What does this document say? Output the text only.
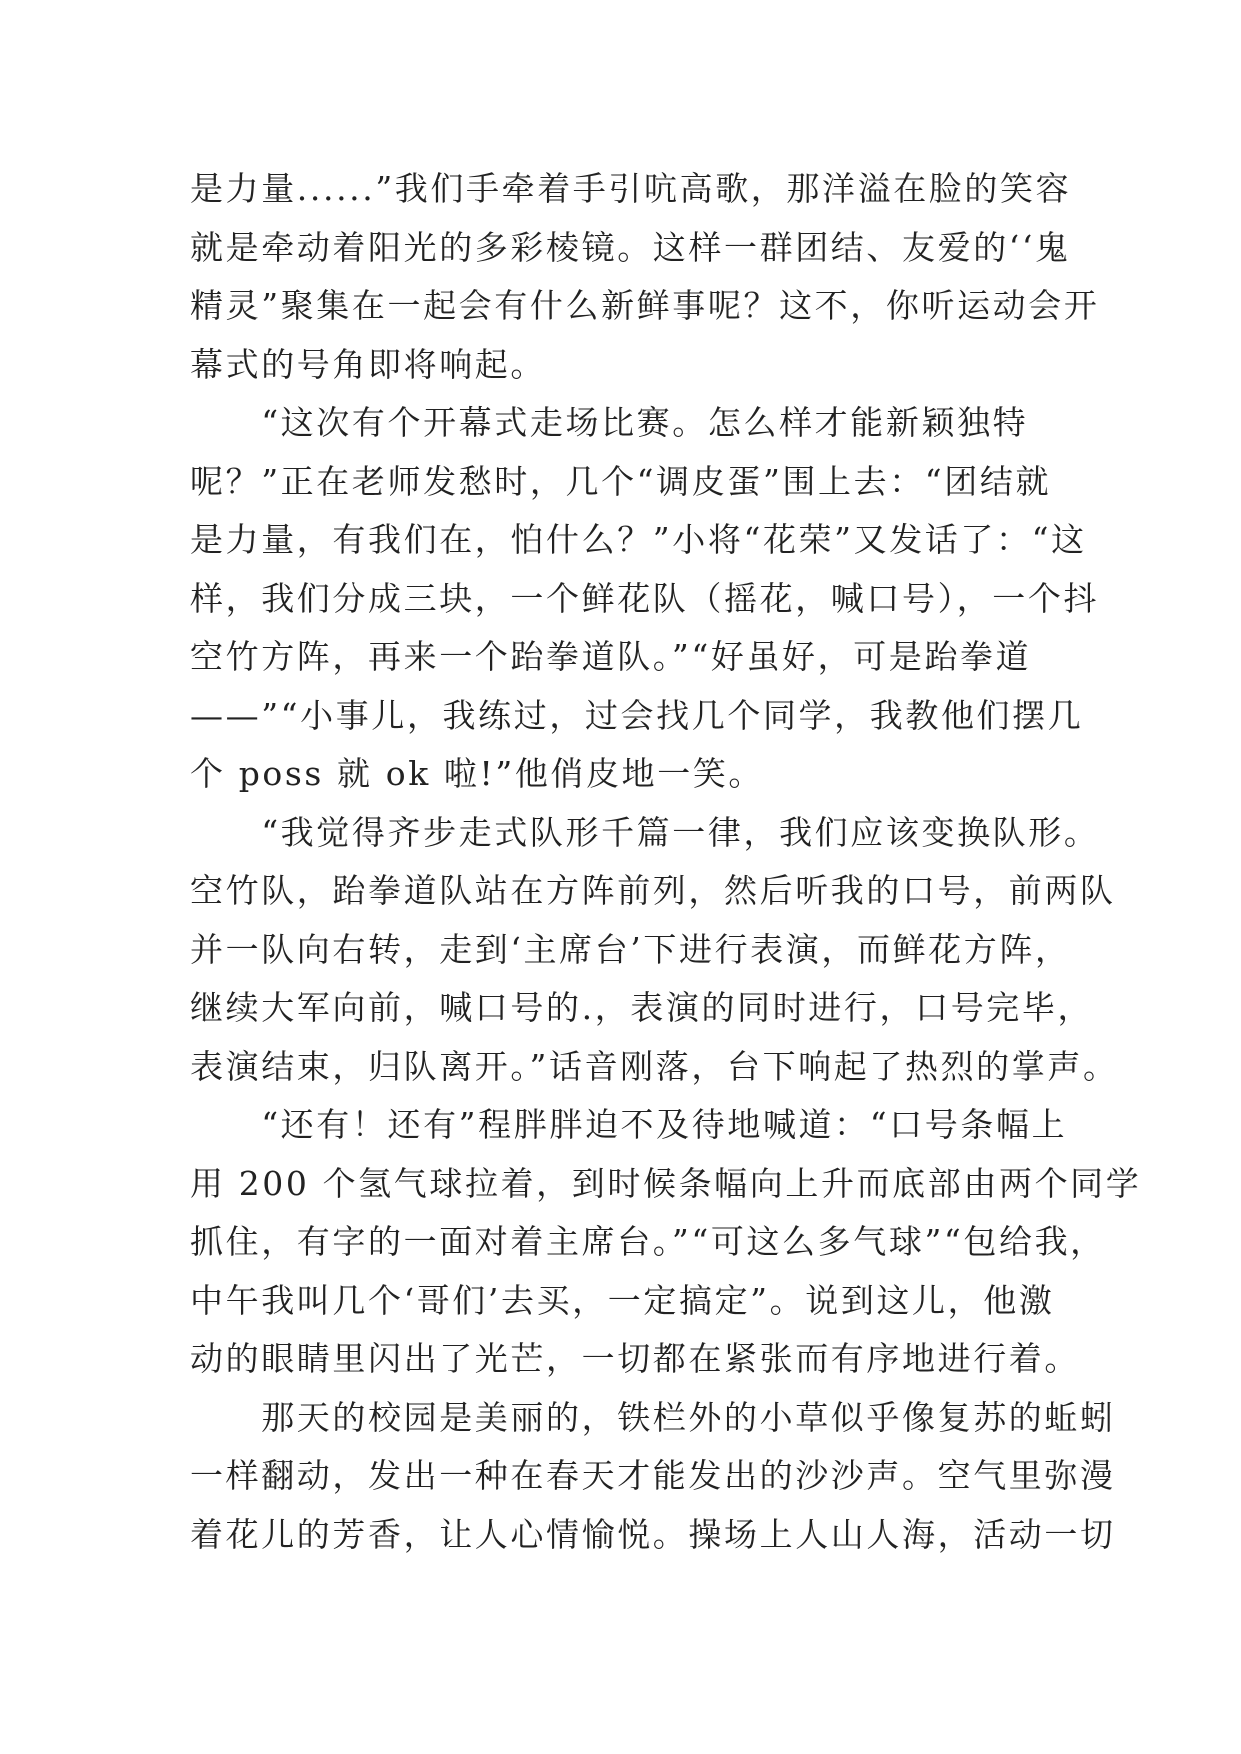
是力量......”我们手牵着手引吭高歌，那洋溢在脸的笑容
就是牵动着阳光的多彩棱镜。这样一群团结、友爱的‘‘鬼
精灵”聚集在一起会有什么新鲜事呢？这不，你听运动会开
幕式的号角即将响起。
　　“这次有个开幕式走场比赛。怎么样才能新颖独特
呢？”正在老师发愁时，几个“调皮蛋”围上去：“团结就
是力量，有我们在，怕什么？”小将“花荣”又发话了：“这
样，我们分成三块，一个鲜花队（摇花，喊口号），一个抖
空竹方阵，再来一个跆拳道队。”“好虽好，可是跆拳道
——”“小事儿，我练过，过会找几个同学，我教他们摆几
个 poss 就 ok 啦!”他俏皮地一笑。
　　“我觉得齐步走式队形千篇一律，我们应该变换队形。
空竹队，跆拳道队站在方阵前列，然后听我的口号，前两队
并一队向右转，走到‘主席台’下进行表演，而鲜花方阵，
继续大军向前，喊口号的.，表演的同时进行，口号完毕，
表演结束，归队离开。”话音刚落，台下响起了热烈的掌声。
　　“还有！还有”程胖胖迫不及待地喊道：“口号条幅上
用 200 个氢气球拉着，到时候条幅向上升而底部由两个同学
抓住，有字的一面对着主席台。”“可这么多气球”“包给我，
中午我叫几个‘哥们’去买，一定搞定”。说到这儿，他激
动的眼睛里闪出了光芒，一切都在紧张而有序地进行着。
　　那天的校园是美丽的，铁栏外的小草似乎像复苏的蚯蚓
一样翻动，发出一种在春天才能发出的沙沙声。空气里弥漫
着花儿的芳香，让人心情愉悦。操场上人山人海，活动一切
